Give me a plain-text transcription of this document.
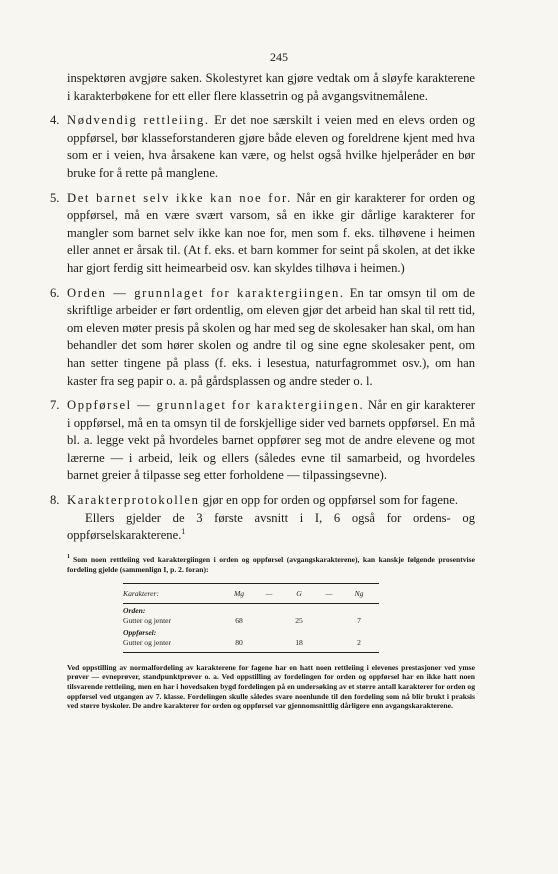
245

inspektøren avgjøre saken. Skolestyret kan gjøre vedtak om å sløyfe karakterene i karakterbøkene for ett eller flere klassetrin og på avgangsvitnemålene.

4. Nødvendig rettleiing. Er det noe særskilt i veien med en elevs orden og oppførsel, bør klasseforstanderen gjøre både eleven og foreldrene kjent med hva som er i veien, hva årsakene kan være, og helst også hvilke hjelperåder en bør bruke for å rette på manglene.
5. Det barnet selv ikke kan noe for. Når en gir karakterer for orden og oppførsel, må en være svært varsom, så en ikke gir dårlige karakterer for mangler som barnet selv ikke kan noe for, men som f. eks. tilhøvene i heimen eller annet er årsak til. (At f. eks. et barn kommer for seint på skolen, at det ikke har gjort ferdig sitt heimearbeid osv. kan skyldes tilhøva i heimen.)
6. Orden — grunnlaget for karaktergiingen. En tar omsyn til om de skriftlige arbeider er ført ordentlig, om eleven gjør det arbeid han skal til rett tid, om eleven møter presis på skolen og har med seg de skolesaker han skal, om han behandler det som hører skolen og andre til og sine egne skolesaker pent, om han setter tingene på plass (f. eks. i lesestua, naturfagrommet osv.), om han kaster fra seg papir o. a. på gårdsplassen og andre steder o. l.
7. Oppførsel — grunnlaget for karaktergiingen. Når en gir karakterer i oppførsel, må en ta omsyn til de forskjellige sider ved barnets oppførsel. En må bl. a. legge vekt på hvordeles barnet oppfører seg mot de andre elevene og mot lærerne — i arbeid, leik og ellers (således evne til samarbeid, og hvordeles barnet greier å tilpasse seg etter forholdene — tilpassingsevne).
8. Karakterprotokollen gjør en opp for orden og oppførsel som for fagene.

Ellers gjelder de 3 første avsnitt i I, 6 også for ordens- og oppførselskarakterene.$^1$

$^1$ Som noen rettleiing ved karaktergiingen i orden og oppførsel (avgangskarakterene), kan kanskje følgende prosentvise fordeling gjelde (sammenlign I, p. 2. foran):
Karakterer:	Mg	—	G	—	Ng
Orden:					
Gutter og jenter	68		25		7
Oppførsel:					
Gutter og jenter	80		18		2
Ved oppstilling av normalfordeling av karakterene for fagene har en hatt noen rettleiing i elevenes prestasjoner ved ymse prøver — evneprøver, standpunktprøver o. a. Ved oppstilling av fordelingen for orden og oppførsel har en ikke hatt noen tilsvarende rettleiing, men en har i hovedsaken bygd fordelingen på en undersøking av et større antall karakterer for orden og oppførsel ved utgangen av 7. klasse. Fordelingen skulle således svare noenlunde til den fordeling som nå blir brukt i praksis ved større byskoler. De andre karakterer for orden og oppførsel var gjennomsnittlig dårligere enn avgangskarakterene.
